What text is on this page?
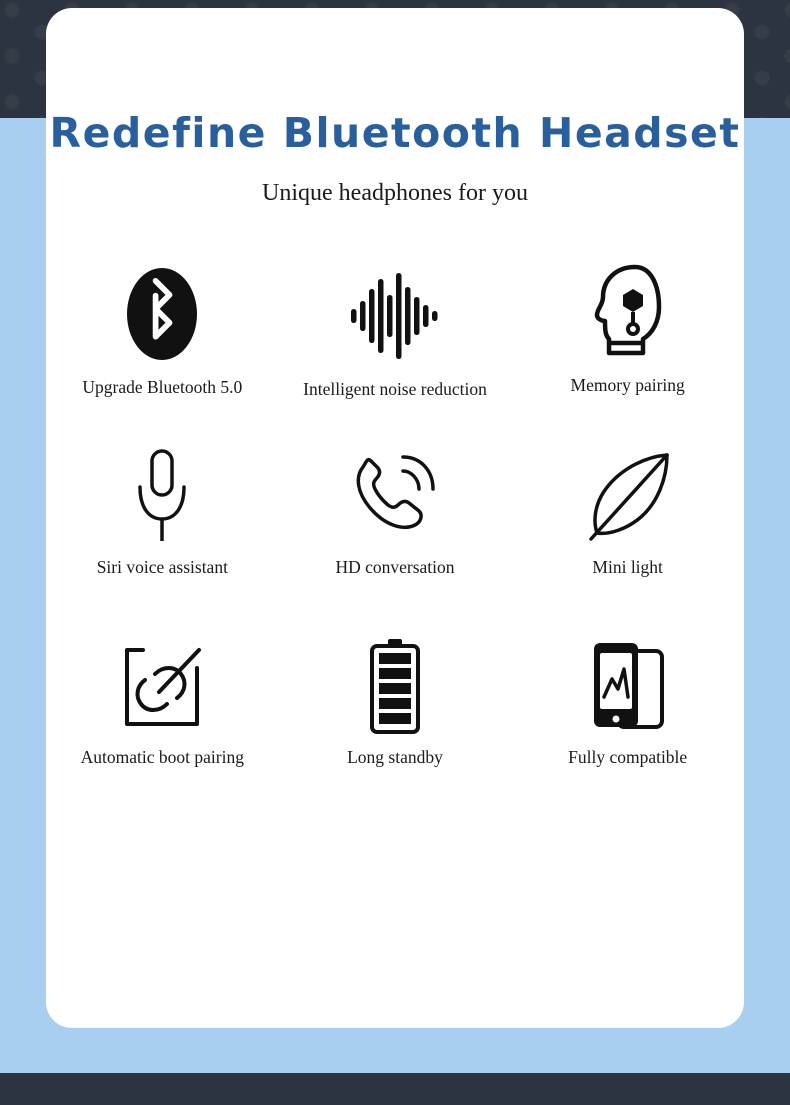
Redefine Bluetooth Headset

Unique headphones for you

Upgrade Bluetooth 5.0	Intelligent noise reduction	Memory pairing
Siri voice assistant	HD conversation	Mini light
Automatic boot pairing	Long standby	Fully compatible
